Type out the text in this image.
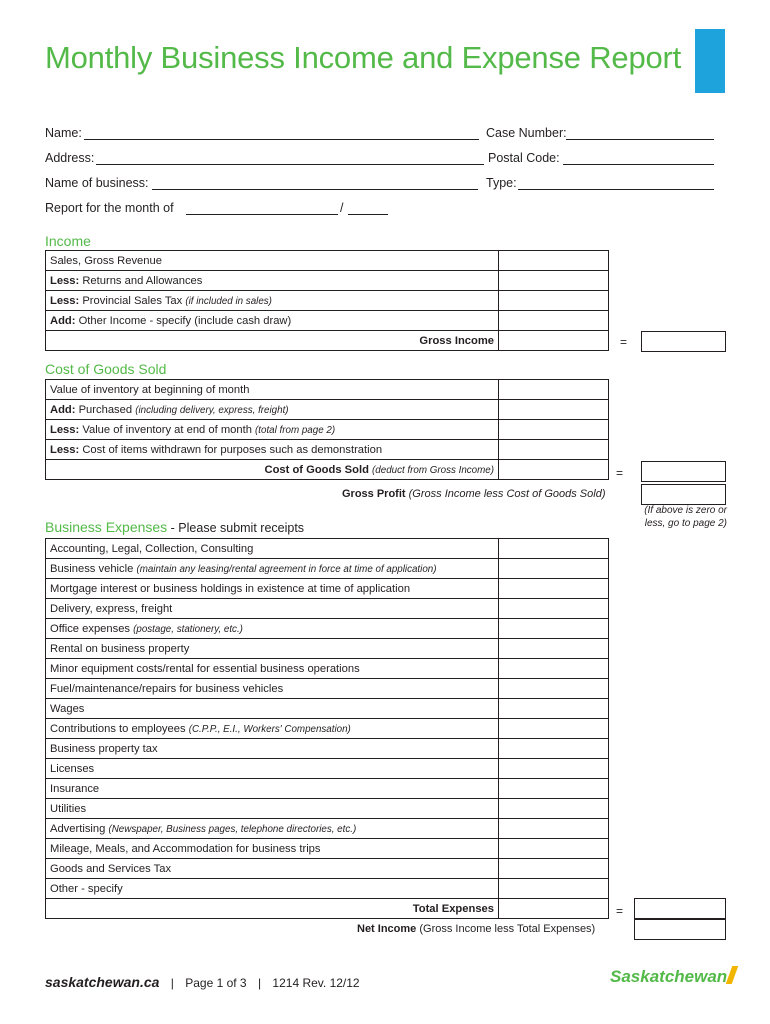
Monthly Business Income and Expense Report
Name:	Case Number:
Address:	Postal Code:
Name of business:	Type:
Report for the month of	/
Income
Sales, Gross Revenue	
Less: Returns and Allowances	
Less: Provincial Sales Tax (if included in sales)	
Add: Other Income - specify (include cash draw)	
Gross Income		=
Cost of Goods Sold
Value of inventory at beginning of month	
Add: Purchased (including delivery, express, freight)	
Less: Value of inventory at end of month (total from page 2)	
Less: Cost of items withdrawn for purposes such as demonstration	
Cost of Goods Sold (deduct from Gross Income)		=
Gross Profit (Gross Income less Cost of Goods Sold)
(If above is zero or less, go to page 2)
Business Expenses - Please submit receipts
Accounting, Legal, Collection, Consulting	
Business vehicle (maintain any leasing/rental agreement in force at time of application)	
Mortgage interest or business holdings in existence at time of application	
Delivery, express, freight	
Office expenses (postage, stationery, etc.)	
Rental on business property	
Minor equipment costs/rental for essential business operations	
Fuel/maintenance/repairs for business vehicles	
Wages	
Contributions to employees (C.P.P., E.I., Workers' Compensation)	
Business property tax	
Licenses	
Insurance	
Utilities	
Advertising (Newspaper, Business pages, telephone directories, etc.)	
Mileage, Meals, and Accommodation for business trips	
Goods and Services Tax	
Other - specify	
Total Expenses		=
Net Income (Gross Income less Total Expenses)
saskatchewan.ca | Page 1 of 3 | 1214 Rev. 12/12	Saskatchewan
